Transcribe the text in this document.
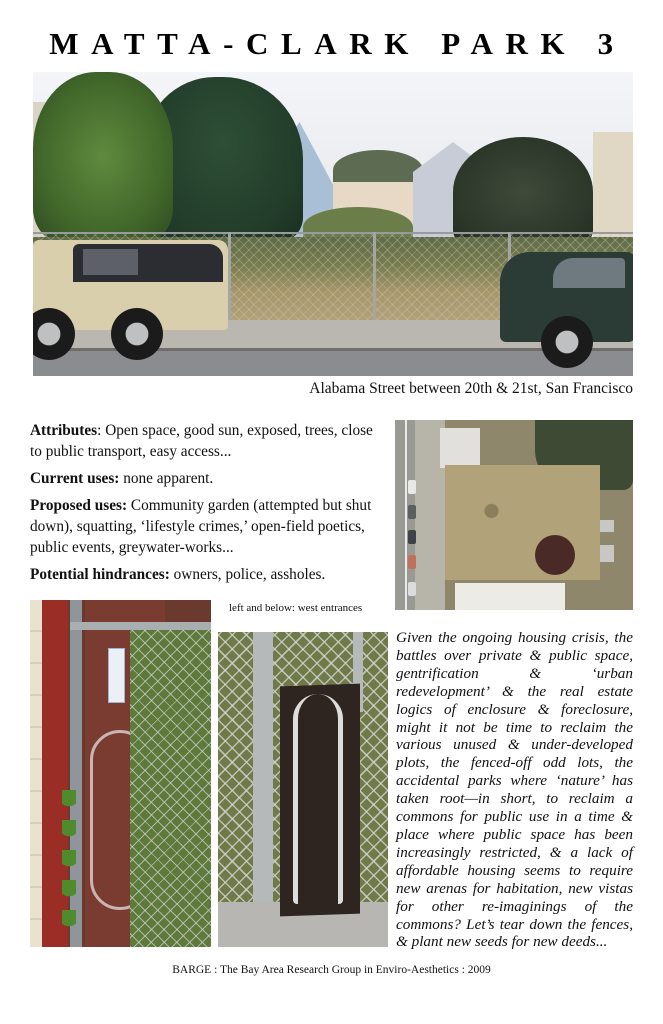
MATTA-CLARK PARK 3
Alabama Street between 20th & 21st, San Francisco

Attributes: Open space, good sun, exposed, trees, close to public transport, easy access...

Current uses: none apparent.

Proposed uses: Community garden (attempted but shut down), squatting, ‘lifestyle crimes,’ open-field poetics, public events, greywater-works...

Potential hindrances: owners, police, assholes.

left and below: west entrances
Given the ongoing housing crisis, the battles over private & public space, gentrification & ‘urban redevelopment’ & the real estate logics of enclosure & foreclosure, might it not be time to reclaim the various unused & under-developed plots, the fenced-off odd lots, the accidental parks where ‘nature’ has taken root—in short, to reclaim a commons for public use in a time & place where public space has been increasingly restricted, & a lack of affordable housing seems to require new arenas for habitation, new vistas for other re-imaginings of the commons? Let’s tear down the fences, & plant new seeds for new deeds...
BARGE : The Bay Area Research Group in Enviro-Aesthetics : 2009
